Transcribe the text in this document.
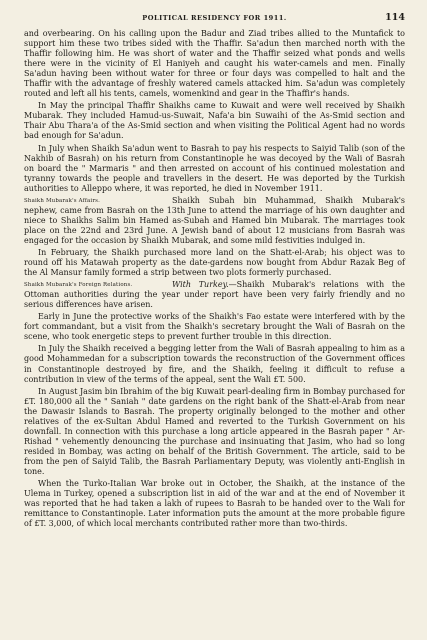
POLITICAL RESIDENCY FOR 1911.	114

and overbearing. On his calling upon the Badur and Ziad tribes allied to the Muntafick to support him these two tribes sided with the Thaffir. Sa'adun then marched north with the Thaffir following him. He was short of water and the Thaffir seized what ponds and wells there were in the vicinity of El Haniyeh and caught his water-camels and men. Finally Sa'adun having been without water for three or four days was compelled to halt and the Thaffir with the advantage of freshly watered camels attacked him. Sa'adun was completely routed and left all his tents, camels, womenkind and gear in the Thaffir's hands.

In May the principal Thaffir Shaikhs came to Kuwait and were well received by Shaikh Mubarak. They included Hamud-us-Suwait, Nafa'a bin Suwaihi of the As-Smid section and Thair Abu Thara'a of the As-Smid section and when visiting the Political Agent had no words bad enough for Sa'adun.

In July when Shaikh Sa'adun went to Basrah to pay his respects to Saiyid Talib (son of the Nakhib of Basrah) on his return from Constantinople he was decoyed by the Wali of Basrah on board the " Marmaris " and then arrested on account of his continued molestation and tyranny towards the people and travellers in the desert. He was deported by the Turkish authorities to Alleppo where, it was reported, he died in November 1911.

Shaikh Mubarak's Affairs.	Shaikh Subah bin Muhammad, Shaikh Mubarak's nephew, came from Basrah on the 13th June to attend the marriage of his own daughter and niece to Shaikhs Salim bin Hamed as-Subah and Hamed bin Mubarak. The marriages took place on the 22nd and 23rd June. A Jewish band of about 12 musicians from Basrah was engaged for the occasion by Shaikh Mubarak, and some mild festivities indulged in.

In February, the Shaikh purchased more land on the Shatt-el-Arab; his object was to round off his Matawah property as the date-gardens now bought from Abdur Razak Beg of the Al Mansur family formed a strip between two plots formerly purchased.

Shaikh Mubarak's Foreign Relations.	With Turkey.—Shaikh Mubarak's relations with the Ottoman authorities during the year under report have been very fairly friendly and no serious differences have arisen.

Early in June the protective works of the Shaikh's Fao estate were interfered with by the fort commandant, but a visit from the Shaikh's secretary brought the Wali of Basrah on the scene, who took energetic steps to prevent further trouble in this direction.

In July the Shaikh received a begging letter from the Wali of Basrah appealing to him as a good Mohammedan for a subscription towards the reconstruction of the Government offices in Constantinople destroyed by fire, and the Shaikh, feeling it difficult to refuse a contribution in view of the terms of the appeal, sent the Wali £T. 500.

In August Jasim bin Ibrahim of the big Kuwait pearl-dealing firm in Bombay purchased for £T. 180,000 all the " Saniah " date gardens on the right bank of the Shatt-el-Arab from near the Dawasir Islands to Basrah. The property originally belonged to the mother and other relatives of the ex-Sultan Abdul Hamed and reverted to the Turkish Government on his downfall. In connection with this purchase a long article appeared in the Basrah paper " Ar-Rishad " vehemently denouncing the purchase and insinuating that Jasim, who had so long resided in Bombay, was acting on behalf of the British Government. The article, said to be from the pen of Saiyid Talib, the Basrah Parliamentary Deputy, was violently anti-English in tone.

When the Turko-Italian War broke out in October, the Shaikh, at the instance of the Ulema in Turkey, opened a subscription list in aid of the war and at the end of November it was reported that he had taken a lakh of rupees to Basrah to be handed over to the Wali for remittance to Constantinople. Later information puts the amount at the more probable figure of £T. 3,000, of which local merchants contributed rather more than two-thirds.
